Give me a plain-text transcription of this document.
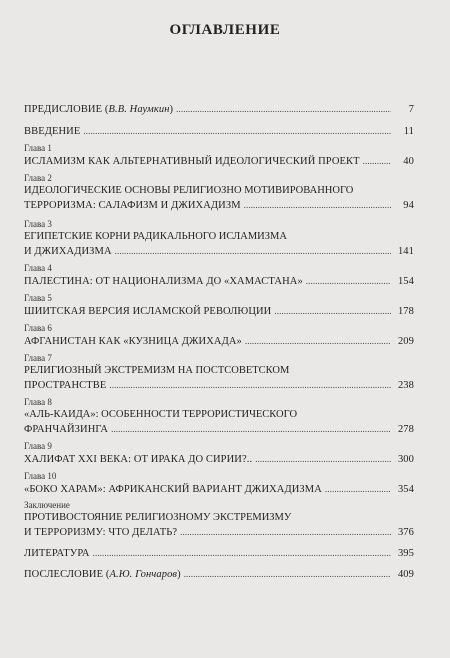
ОГЛАВЛЕНИЕ
ПРЕДИСЛОВИЕ (В.В. Наумкин) .....	7
ВВЕДЕНИЕ .....	11
Глава 1
ИСЛАМИЗМ КАК АЛЬТЕРНАТИВНЫЙ ИДЕОЛОГИЧЕСКИЙ ПРОЕКТ .....	40
Глава 2
ИДЕОЛОГИЧЕСКИЕ ОСНОВЫ РЕЛИГИОЗНО МОТИВИРОВАННОГО
ТЕРРОРИЗМА: САЛАФИЗМ И ДЖИХАДИЗМ .....	94
Глава 3
ЕГИПЕТСКИЕ КОРНИ РАДИКАЛЬНОГО ИСЛАМИЗМА
И ДЖИХАДИЗМА .....	141
Глава 4
ПАЛЕСТИНА: ОТ НАЦИОНАЛИЗМА ДО «ХАМАСТАНА» .....	154
Глава 5
ШИИТСКАЯ ВЕРСИЯ ИСЛАМСКОЙ РЕВОЛЮЦИИ .....	178
Глава 6
АФГАНИСТАН КАК «КУЗНИЦА ДЖИХАДА» .....	209
Глава 7
РЕЛИГИОЗНЫЙ ЭКСТРЕМИЗМ НА ПОСТСОВЕТСКОМ
ПРОСТРАНСТВЕ .....	238
Глава 8
«АЛЬ-КАИДА»: ОСОБЕННОСТИ ТЕРРОРИСТИЧЕСКОГО
ФРАНЧАЙЗИНГА .....	278
Глава 9
ХАЛИФАТ XXI ВЕКА: ОТ ИРАКА ДО СИРИИ?.. .....	300
Глава 10
«БОКО ХАРАМ»: АФРИКАНСКИЙ ВАРИАНТ ДЖИХАДИЗМА .....	354
Заключение
ПРОТИВОСТОЯНИЕ РЕЛИГИОЗНОМУ ЭКСТРЕМИЗМУ
И ТЕРРОРИЗМУ: ЧТО ДЕЛАТЬ? .....	376
ЛИТЕРАТУРА .....	395
ПОСЛЕСЛОВИЕ (А.Ю. Гончаров) .....	409
